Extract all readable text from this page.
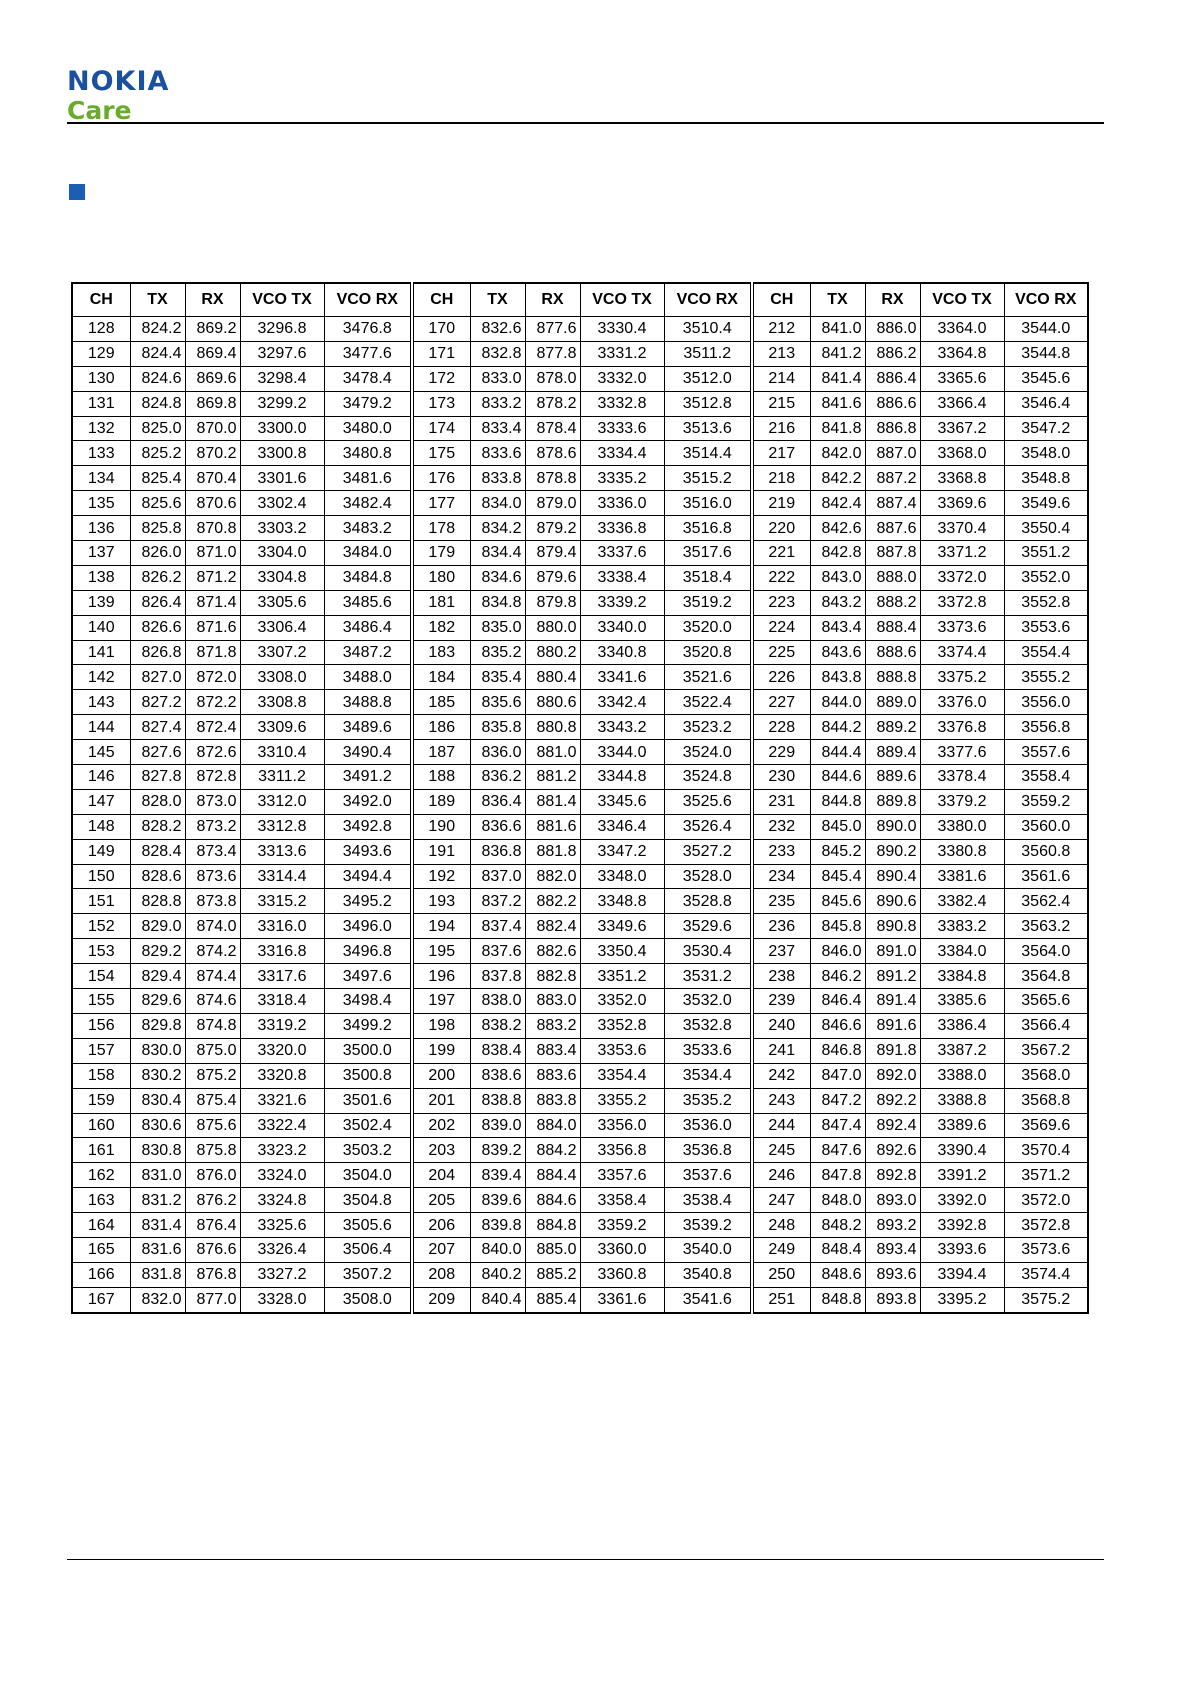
NOKIA
Care
CH	TX	RX	VCO TX	VCO RX	CH	TX	RX	VCO TX	VCO RX	CH	TX	RX	VCO TX	VCO RX
128	824.2	869.2	3296.8	3476.8	170	832.6	877.6	3330.4	3510.4	212	841.0	886.0	3364.0	3544.0
129	824.4	869.4	3297.6	3477.6	171	832.8	877.8	3331.2	3511.2	213	841.2	886.2	3364.8	3544.8
130	824.6	869.6	3298.4	3478.4	172	833.0	878.0	3332.0	3512.0	214	841.4	886.4	3365.6	3545.6
131	824.8	869.8	3299.2	3479.2	173	833.2	878.2	3332.8	3512.8	215	841.6	886.6	3366.4	3546.4
132	825.0	870.0	3300.0	3480.0	174	833.4	878.4	3333.6	3513.6	216	841.8	886.8	3367.2	3547.2
133	825.2	870.2	3300.8	3480.8	175	833.6	878.6	3334.4	3514.4	217	842.0	887.0	3368.0	3548.0
134	825.4	870.4	3301.6	3481.6	176	833.8	878.8	3335.2	3515.2	218	842.2	887.2	3368.8	3548.8
135	825.6	870.6	3302.4	3482.4	177	834.0	879.0	3336.0	3516.0	219	842.4	887.4	3369.6	3549.6
136	825.8	870.8	3303.2	3483.2	178	834.2	879.2	3336.8	3516.8	220	842.6	887.6	3370.4	3550.4
137	826.0	871.0	3304.0	3484.0	179	834.4	879.4	3337.6	3517.6	221	842.8	887.8	3371.2	3551.2
138	826.2	871.2	3304.8	3484.8	180	834.6	879.6	3338.4	3518.4	222	843.0	888.0	3372.0	3552.0
139	826.4	871.4	3305.6	3485.6	181	834.8	879.8	3339.2	3519.2	223	843.2	888.2	3372.8	3552.8
140	826.6	871.6	3306.4	3486.4	182	835.0	880.0	3340.0	3520.0	224	843.4	888.4	3373.6	3553.6
141	826.8	871.8	3307.2	3487.2	183	835.2	880.2	3340.8	3520.8	225	843.6	888.6	3374.4	3554.4
142	827.0	872.0	3308.0	3488.0	184	835.4	880.4	3341.6	3521.6	226	843.8	888.8	3375.2	3555.2
143	827.2	872.2	3308.8	3488.8	185	835.6	880.6	3342.4	3522.4	227	844.0	889.0	3376.0	3556.0
144	827.4	872.4	3309.6	3489.6	186	835.8	880.8	3343.2	3523.2	228	844.2	889.2	3376.8	3556.8
145	827.6	872.6	3310.4	3490.4	187	836.0	881.0	3344.0	3524.0	229	844.4	889.4	3377.6	3557.6
146	827.8	872.8	3311.2	3491.2	188	836.2	881.2	3344.8	3524.8	230	844.6	889.6	3378.4	3558.4
147	828.0	873.0	3312.0	3492.0	189	836.4	881.4	3345.6	3525.6	231	844.8	889.8	3379.2	3559.2
148	828.2	873.2	3312.8	3492.8	190	836.6	881.6	3346.4	3526.4	232	845.0	890.0	3380.0	3560.0
149	828.4	873.4	3313.6	3493.6	191	836.8	881.8	3347.2	3527.2	233	845.2	890.2	3380.8	3560.8
150	828.6	873.6	3314.4	3494.4	192	837.0	882.0	3348.0	3528.0	234	845.4	890.4	3381.6	3561.6
151	828.8	873.8	3315.2	3495.2	193	837.2	882.2	3348.8	3528.8	235	845.6	890.6	3382.4	3562.4
152	829.0	874.0	3316.0	3496.0	194	837.4	882.4	3349.6	3529.6	236	845.8	890.8	3383.2	3563.2
153	829.2	874.2	3316.8	3496.8	195	837.6	882.6	3350.4	3530.4	237	846.0	891.0	3384.0	3564.0
154	829.4	874.4	3317.6	3497.6	196	837.8	882.8	3351.2	3531.2	238	846.2	891.2	3384.8	3564.8
155	829.6	874.6	3318.4	3498.4	197	838.0	883.0	3352.0	3532.0	239	846.4	891.4	3385.6	3565.6
156	829.8	874.8	3319.2	3499.2	198	838.2	883.2	3352.8	3532.8	240	846.6	891.6	3386.4	3566.4
157	830.0	875.0	3320.0	3500.0	199	838.4	883.4	3353.6	3533.6	241	846.8	891.8	3387.2	3567.2
158	830.2	875.2	3320.8	3500.8	200	838.6	883.6	3354.4	3534.4	242	847.0	892.0	3388.0	3568.0
159	830.4	875.4	3321.6	3501.6	201	838.8	883.8	3355.2	3535.2	243	847.2	892.2	3388.8	3568.8
160	830.6	875.6	3322.4	3502.4	202	839.0	884.0	3356.0	3536.0	244	847.4	892.4	3389.6	3569.6
161	830.8	875.8	3323.2	3503.2	203	839.2	884.2	3356.8	3536.8	245	847.6	892.6	3390.4	3570.4
162	831.0	876.0	3324.0	3504.0	204	839.4	884.4	3357.6	3537.6	246	847.8	892.8	3391.2	3571.2
163	831.2	876.2	3324.8	3504.8	205	839.6	884.6	3358.4	3538.4	247	848.0	893.0	3392.0	3572.0
164	831.4	876.4	3325.6	3505.6	206	839.8	884.8	3359.2	3539.2	248	848.2	893.2	3392.8	3572.8
165	831.6	876.6	3326.4	3506.4	207	840.0	885.0	3360.0	3540.0	249	848.4	893.4	3393.6	3573.6
166	831.8	876.8	3327.2	3507.2	208	840.2	885.2	3360.8	3540.8	250	848.6	893.6	3394.4	3574.4
167	832.0	877.0	3328.0	3508.0	209	840.4	885.4	3361.6	3541.6	251	848.8	893.8	3395.2	3575.2
